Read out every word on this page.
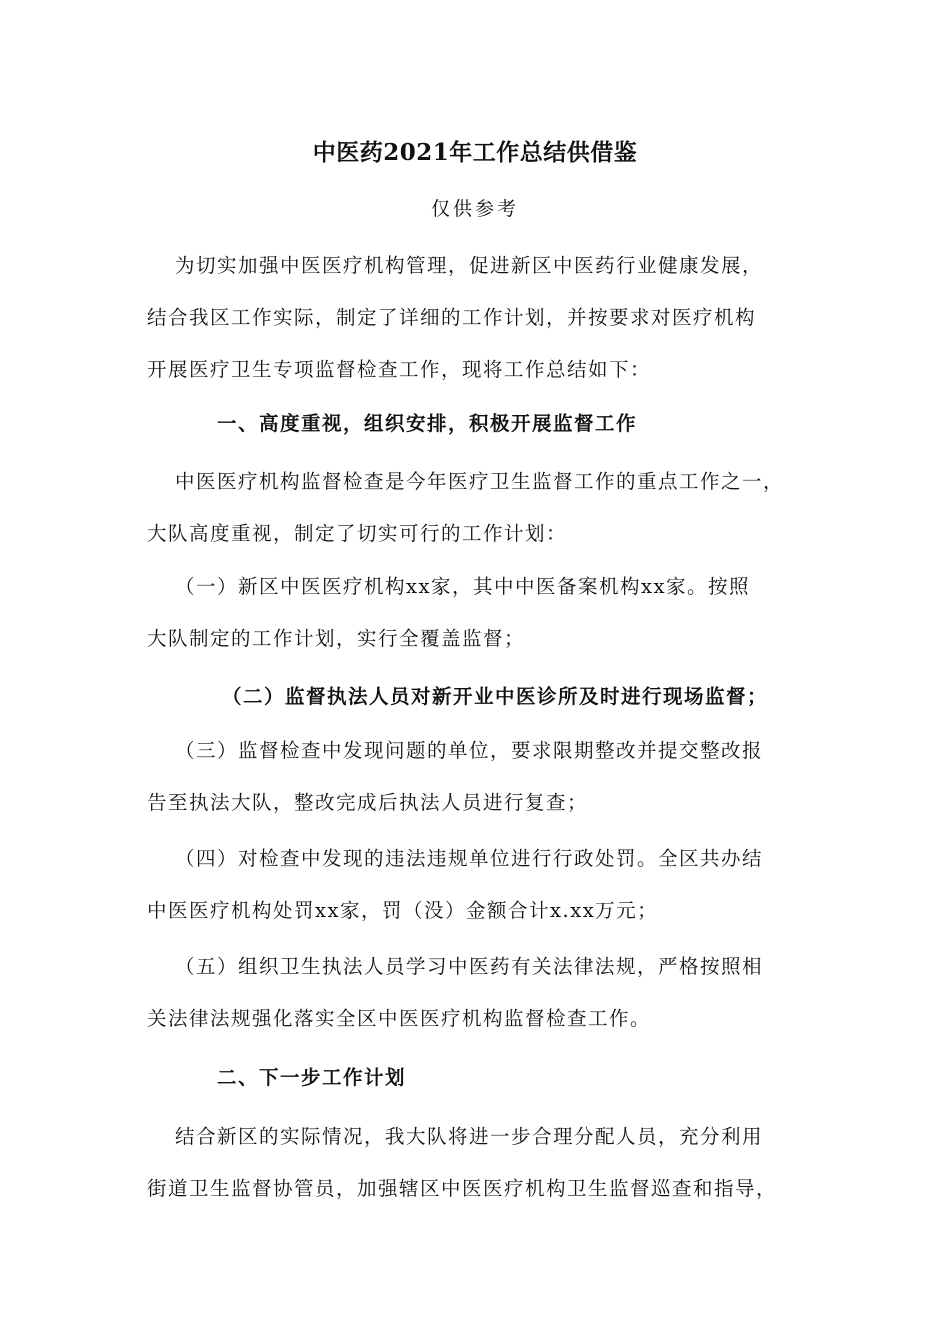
中医药2021年工作总结供借鉴
仅供参考
为切实加强中医医疗机构管理，促进新区中医药行业健康发展，
结合我区工作实际，制定了详细的工作计划，并按要求对医疗机构
开展医疗卫生专项监督检查工作，现将工作总结如下：
一、高度重视，组织安排，积极开展监督工作
中医医疗机构监督检查是今年医疗卫生监督工作的重点工作之一，
大队高度重视，制定了切实可行的工作计划：
（一）新区中医医疗机构xx家，其中中医备案机构xx家。按照
大队制定的工作计划，实行全覆盖监督；
（二）监督执法人员对新开业中医诊所及时进行现场监督；
（三）监督检查中发现问题的单位，要求限期整改并提交整改报
告至执法大队，整改完成后执法人员进行复查；
（四）对检查中发现的违法违规单位进行行政处罚。全区共办结
中医医疗机构处罚xx家，罚（没）金额合计x.xx万元；
（五）组织卫生执法人员学习中医药有关法律法规，严格按照相
关法律法规强化落实全区中医医疗机构监督检查工作。
二、下一步工作计划
结合新区的实际情况，我大队将进一步合理分配人员，充分利用
街道卫生监督协管员，加强辖区中医医疗机构卫生监督巡查和指导，
